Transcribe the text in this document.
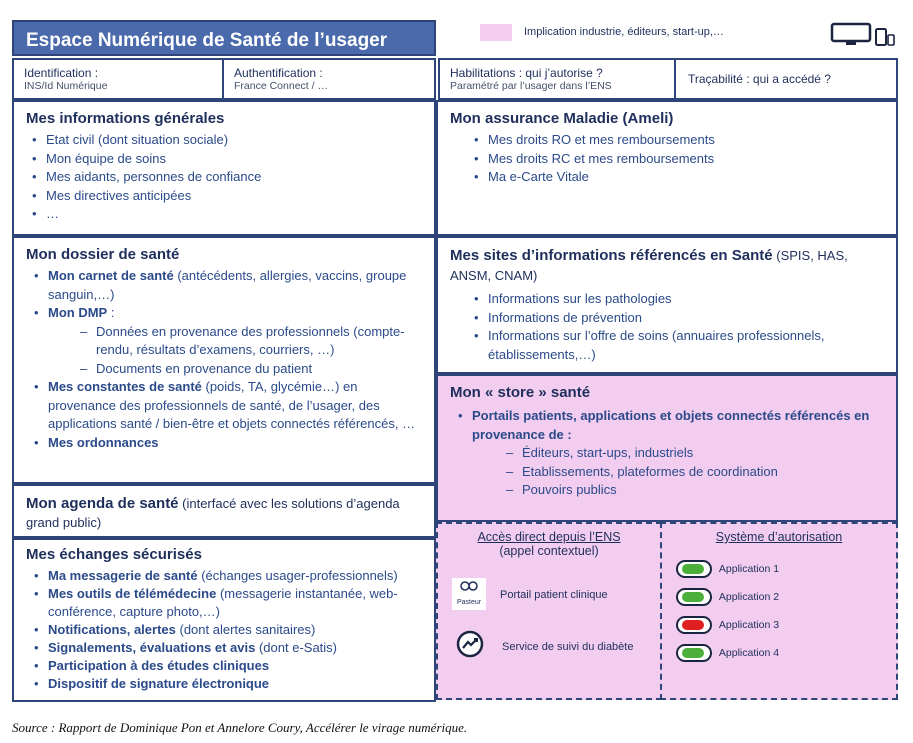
Espace Numérique de Santé de l’usager	Implication industrie, éditeurs, start-up,…
Identification :
INS/Id Numérique
Authentification :
France Connect / …
Habilitations : qui j’autorise ?
Paramétré par l’usager dans l’ENS	Traçabilité : qui a accédé ?
Mes informations générales
• Etat civil (dont situation sociale)
• Mon équipe de soins
• Mes aidants, personnes de confiance
• Mes directives anticipées
• …
Mon assurance Maladie (Ameli)
• Mes droits RO et mes remboursements
• Mes droits RC et mes remboursements
• Ma e-Carte Vitale
Mon dossier de santé
• Mon carnet de santé (antécédents, allergies, vaccins, groupe sanguin,…)
• Mon DMP :
– Données en provenance des professionnels (compte-rendu, résultats d’examens, courriers, …)
– Documents en provenance du patient
• Mes constantes de santé (poids, TA, glycémie…) en provenance des professionnels de santé, de l’usager, des applications santé / bien-être et objets connectés référencés, …
• Mes ordonnances
Mes sites d’informations référencés en Santé (SPIS, HAS, ANSM, CNAM)
• Informations sur les pathologies
• Informations de prévention
• Informations sur l’offre de soins (annuaires professionnels, établissements,…)
Mon « store » santé
• Portails patients, applications et objets connectés référencés en provenance de :
– Éditeurs, start-ups, industriels
– Etablissements, plateformes de coordination
– Pouvoirs publics
Mon agenda de santé (interfacé avec les solutions d’agenda grand public)
Mes échanges sécurisés
• Ma messagerie de santé (échanges usager-professionnels)
• Mes outils de télémédecine (messagerie instantanée, web-conférence, capture photo,…)
• Notifications, alertes (dont alertes sanitaires)
• Signalements, évaluations et avis (dont e-Satis)
• Participation à des études cliniques
• Dispositif de signature électronique
Accès direct depuis l’ENS
(appel contextuel)
Pasteur
Portail patient clinique
Service de suivi du diabète
Système d’autorisation
Application 1
Application 2
Application 3
Application 4
Source : Rapport de Dominique Pon et Annelore Coury, Accélérer le virage numérique.
